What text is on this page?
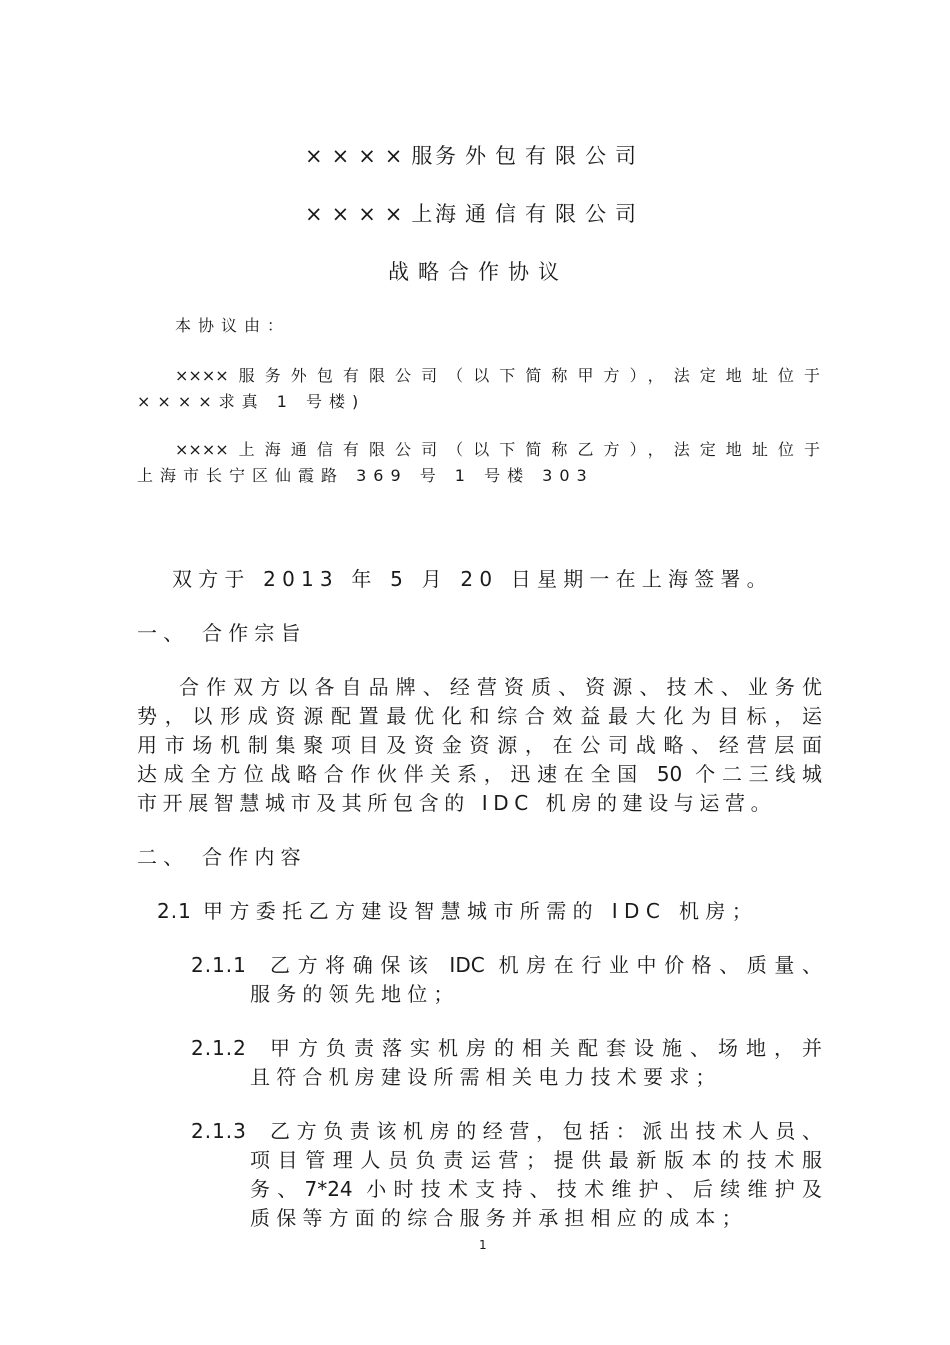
××××服
务外包有限公司
××××上
海通信有限公司
战略合作协议
本协议由：
××××服务外包有限公司（以下简称甲方），法定地址位于
××××求真 1 号楼)
××××上海通信有限公司（以下简称乙方），法定地址位于
上海市长宁区仙霞路 369 号 1 号楼 303
双方于 2013 年 5 月 20 日星期一在上海签署。
一、 合作宗旨
合作双方以各自品牌、经营资质、资源、技术、业务优
势，以形成资源配置最优化和综合效益最大化为目标，运
用市场机制集聚项目及资金资源，在公司战略、经营层面
达成全方位战略合作伙伴关系，迅速在全国 50 个二三线城
市开展智慧城市及其所包含的 IDC 机房的建设与运营。
二、 合作内容
2.1 甲方委托乙方建设智慧城市所需的 IDC 机房；
2.1.1 乙方将确保该 IDC 机房在行业中价格、质量、
服务的领先地位；
2.1.2 甲方负责落实机房的相关配套设施、场地，并
且符合机房建设所需相关电力技术要求；
2.1.3 乙方负责该机房的经营，包括：派出技术人员、
项目管理人员负责运营；提供最新版本的技术服
务、7*24 小时技术支持、技术维护、后续维护及
质保等方面的综合服务并承担相应的成本；
1
